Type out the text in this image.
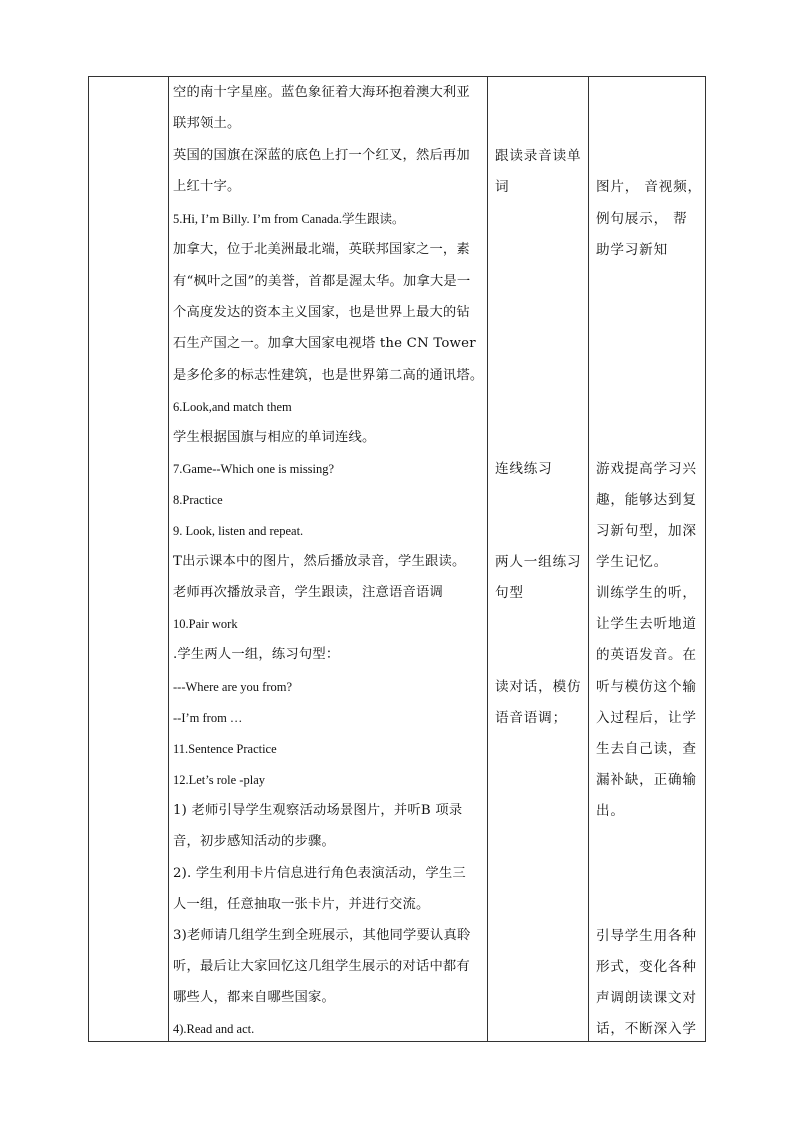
空的南十字星座。蓝色象征着大海环抱着澳大利亚
联邦领土。
英国的国旗在深蓝的底色上打一个红叉，然后再加
上红十字。
5.Hi, I’m Billy. I’m from Canada.学生跟读。
加拿大，位于北美洲最北端，英联邦国家之一，素
有“枫叶之国”的美誉，首都是渥太华。加拿大是一
个高度发达的资本主义国家，也是世界上最大的钻
石生产国之一。加拿大国家电视塔 the CN Tower
是多伦多的标志性建筑，也是世界第二高的通讯塔。
6.Look,and match them
学生根据国旗与相应的单词连线。
7.Game--Which one is missing?
8.Practice
9. Look, listen and repeat.
T出示课本中的图片，然后播放录音，学生跟读。
老师再次播放录音，学生跟读，注意语音语调
10.Pair work
.学生两人一组，练习句型：
---Where are you from?
--I’m from …
11.Sentence Practice
12.Let’s role -play
1) 老师引导学生观察活动场景图片，并听B 项录
音，初步感知活动的步骤。
2). 学生利用卡片信息进行角色表演活动，学生三
人一组，任意抽取一张卡片，并进行交流。
3)老师请几组学生到全班展示，其他同学要认真聆
听，最后让大家回忆这几组学生展示的对话中都有
哪些人，都来自哪些国家。
4).Read and act.
跟读录音读单
词
连线练习
两人一组练习
句型
读对话，模仿
语音语调；
图片， 音视频，
例句展示， 帮
助学习新知
游戏提高学习兴
趣，能够达到复
习新句型，加深
学生记忆。
训练学生的听，
让学生去听地道
的英语发音。在
听与模仿这个输
入过程后，让学
生去自己读，查
漏补缺，正确输
出。
引导学生用各种
形式，变化各种
声调朗读课文对
话，不断深入学
